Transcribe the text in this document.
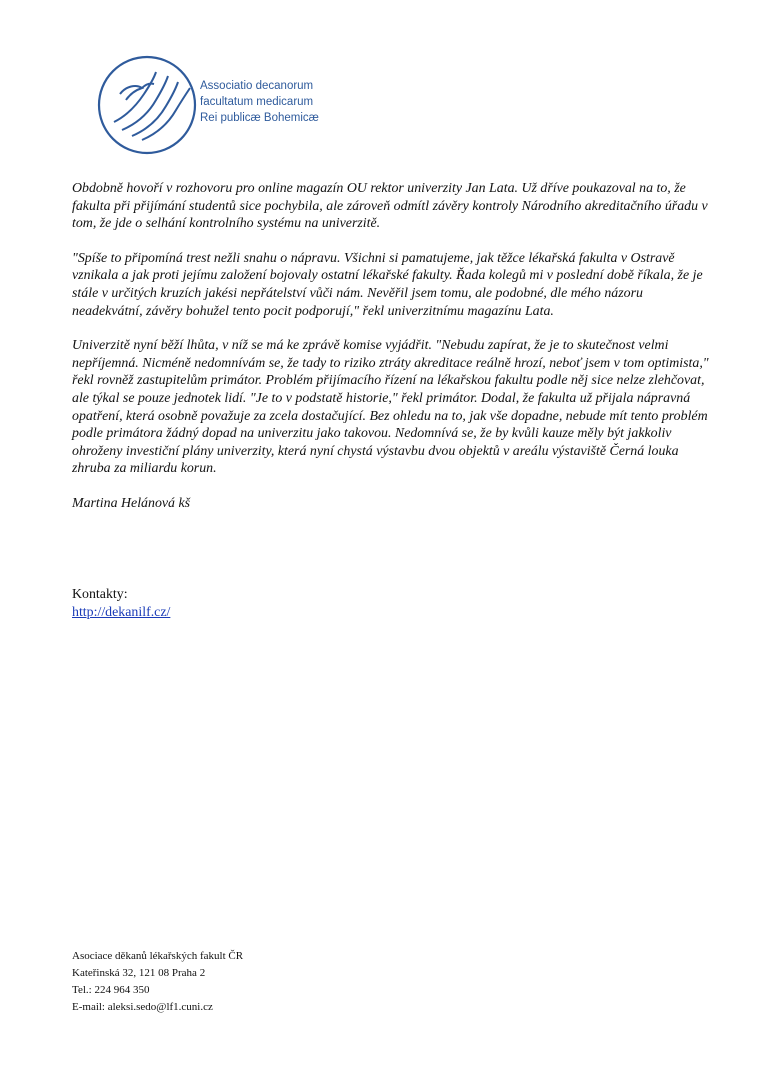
Associatio decanorum
facultatum medicarum
Rei publicæ Bohemicæ

Obdobně hovoří v rozhovoru pro online magazín OU rektor univerzity Jan Lata. Už dříve poukazoval na to, že fakulta při přijímání studentů sice pochybila, ale zároveň odmítl závěry kontroly Národního akreditačního úřadu v tom, že jde o selhání kontrolního systému na univerzitě.

"Spíše to připomíná trest nežli snahu o nápravu. Všichni si pamatujeme, jak těžce lékařská fakulta v Ostravě vznikala a jak proti jejímu založení bojovaly ostatní lékařské fakulty. Řada kolegů mi v poslední době říkala, že je stále v určitých kruzích jakési nepřátelství vůči nám. Nevěřil jsem tomu, ale podobné, dle mého názoru neadekvátní, závěry bohužel tento pocit podporují," řekl univerzitnímu magazínu Lata.

Univerzitě nyní běží lhůta, v níž se má ke zprávě komise vyjádřit. "Nebudu zapírat, že je to skutečnost velmi nepříjemná. Nicméně nedomnívám se, že tady to riziko ztráty akreditace reálně hrozí, neboť jsem v tom optimista," řekl rovněž zastupitelům primátor. Problém přijímacího řízení na lékařskou fakultu podle něj sice nelze zlehčovat, ale týkal se pouze jednotek lidí. "Je to v podstatě historie," řekl primátor. Dodal, že fakulta už přijala nápravná opatření, která osobně považuje za zcela dostačující. Bez ohledu na to, jak vše dopadne, nebude mít tento problém podle primátora žádný dopad na univerzitu jako takovou. Nedomnívá se, že by kvůli kauze měly být jakkoliv ohroženy investiční plány univerzity, která nyní chystá výstavbu dvou objektů v areálu výstaviště Černá louka zhruba za miliardu korun.

Martina Helánová kš

Kontakty:
http://dekanilf.cz/
Asociace děkanů lékařských fakult ČR
Kateřinská 32, 121 08 Praha 2
Tel.: 224 964 350
E-mail: aleksi.sedo@lf1.cuni.cz
